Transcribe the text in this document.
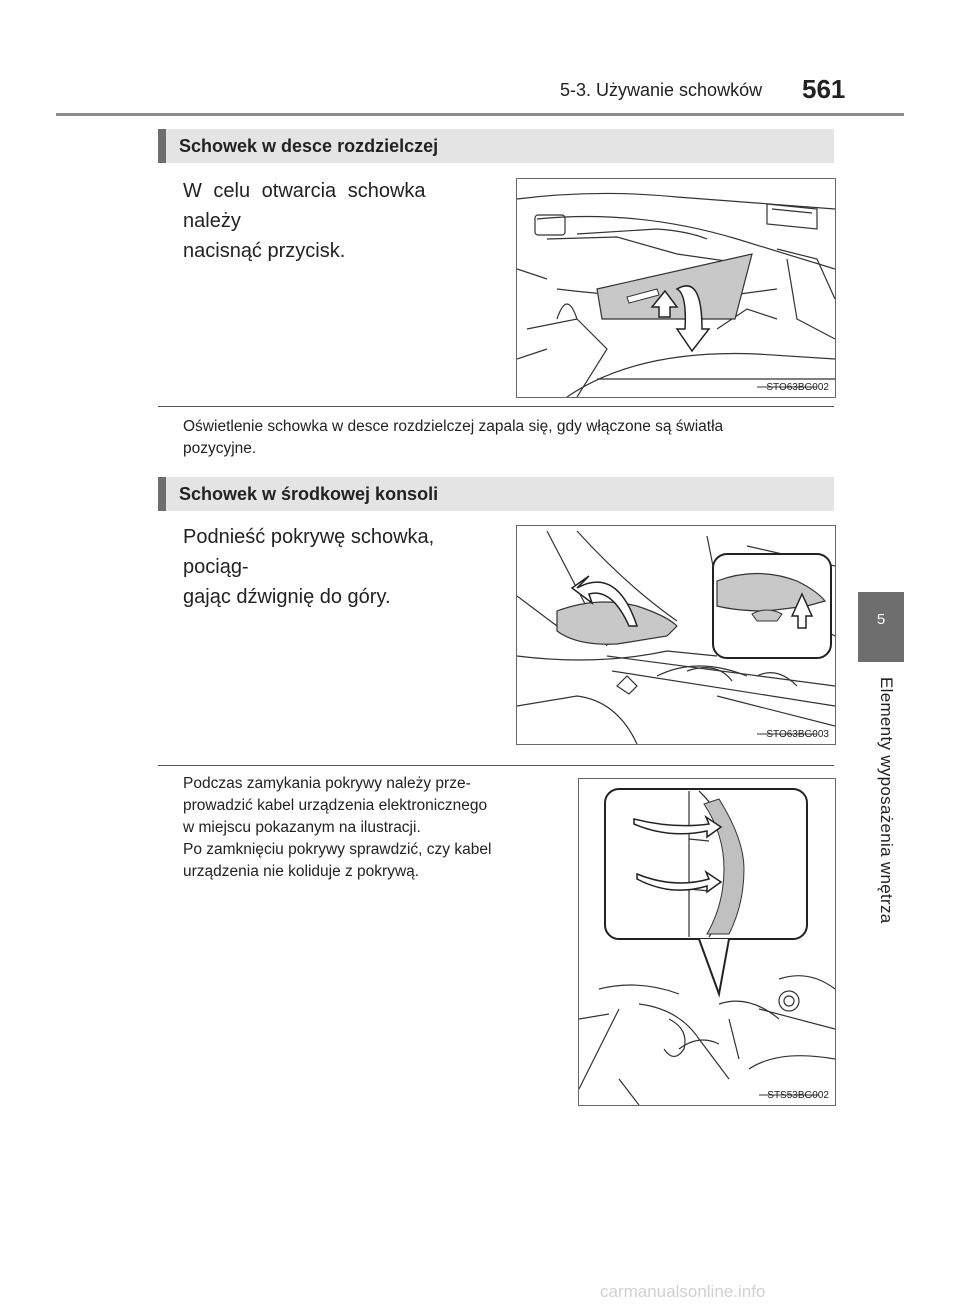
5-3. Używanie schowków 561
5
Elementy wyposażenia wnętrza
Schowek w desce rozdzielczej
W celu otwarcia schowka należy
nacisnąć przycisk.
STO63BG002
Oświetlenie schowka w desce rozdzielczej zapala się, gdy włączone są światła
pozycyjne.
Schowek w środkowej konsoli
Podnieść pokrywę schowka, pociąg-
gając dźwignię do góry.
STO63BG003
Podczas zamykania pokrywy należy prze-
prowadzić kabel urządzenia elektronicznego
w miejscu pokazanym na ilustracji.
Po zamknięciu pokrywy sprawdzić, czy kabel
urządzenia nie koliduje z pokrywą.
STS53BG002
carmanualsonline.info
